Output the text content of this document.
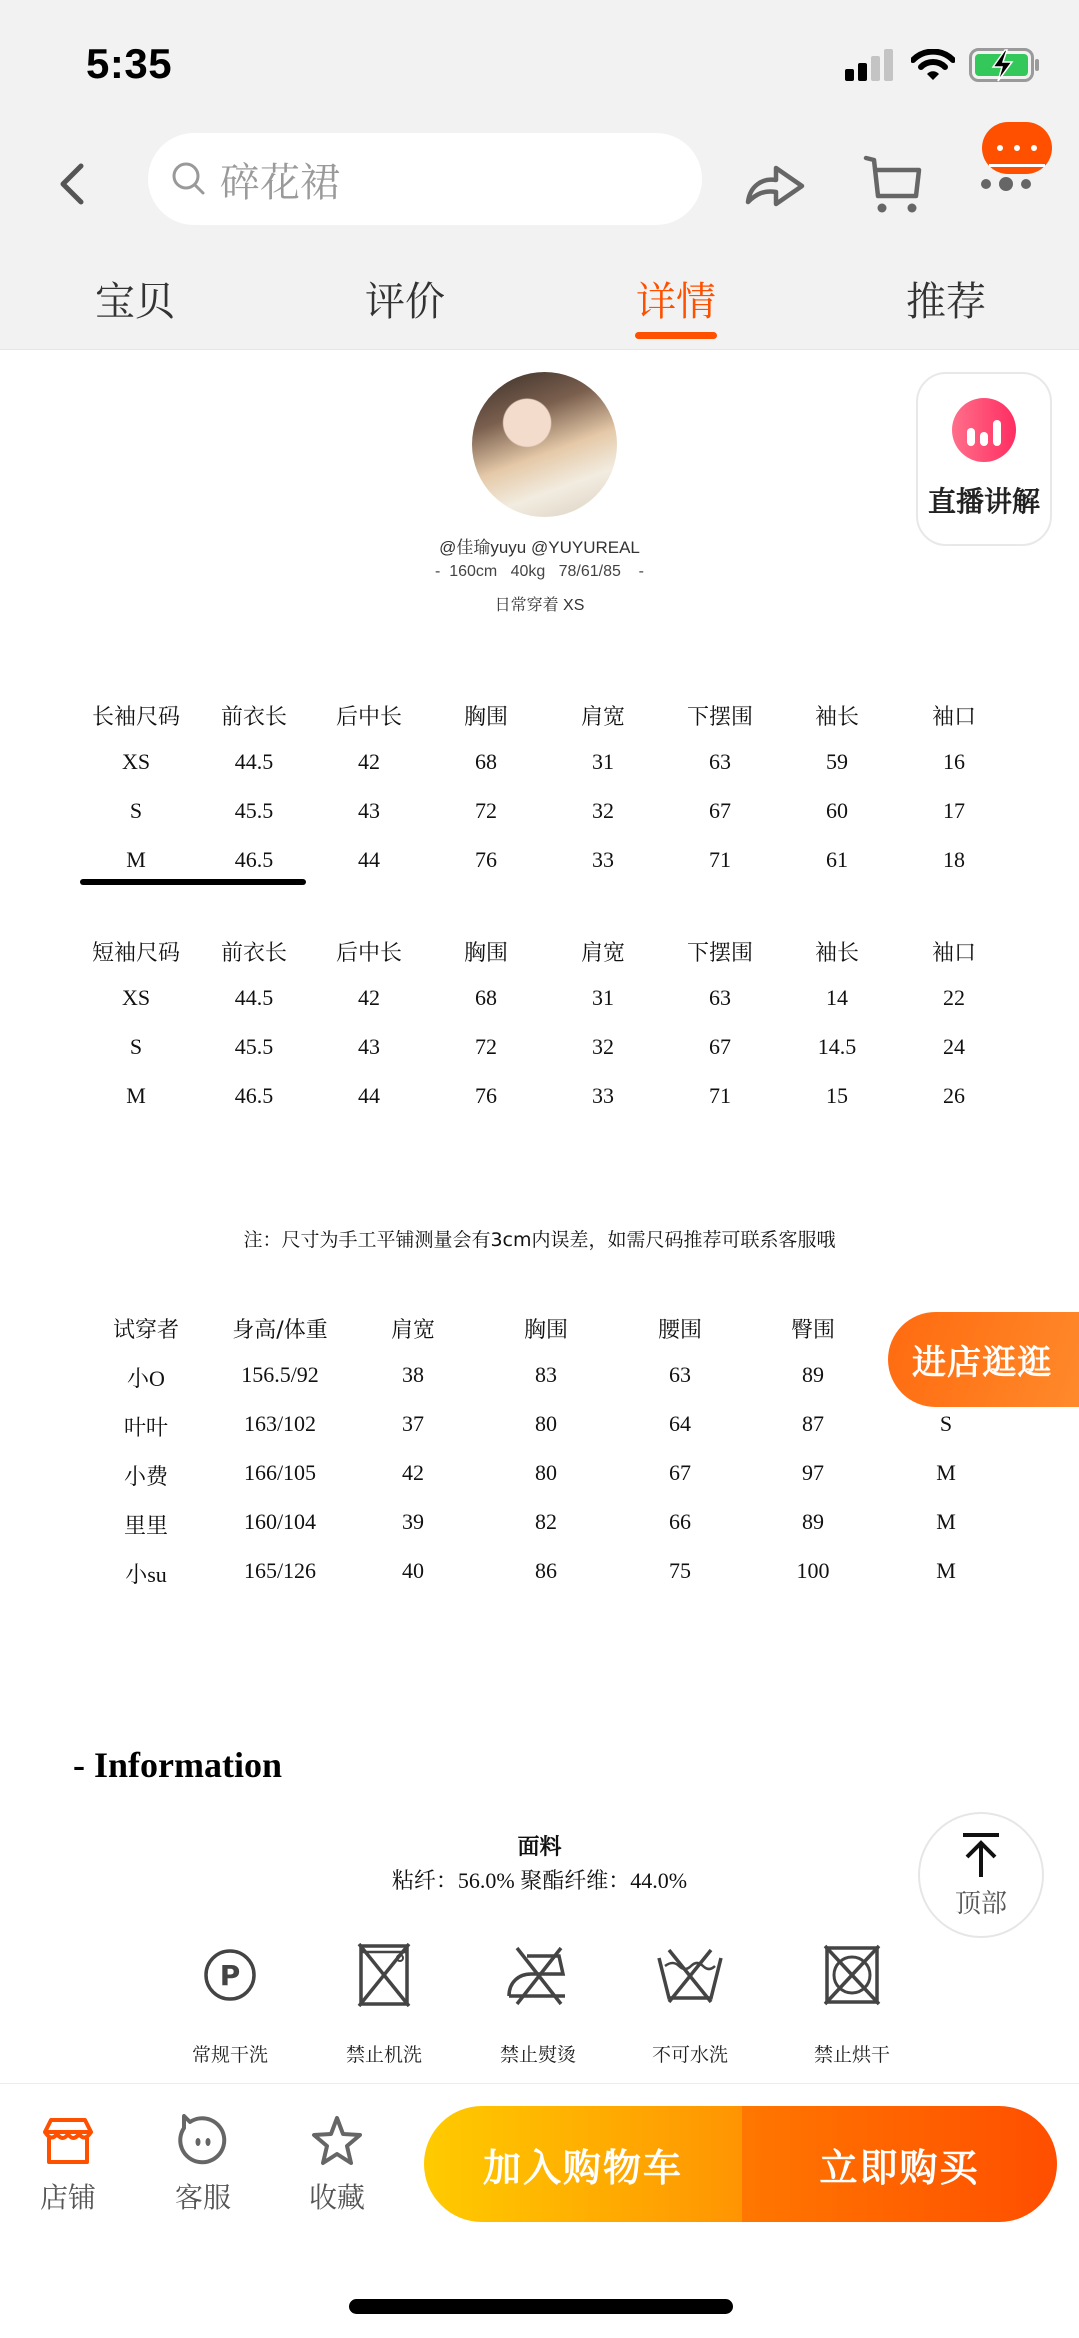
5:35
碎花裙
宝贝	评价	详情	推荐
@佳瑜yuyu @YUYUREAL
-  160cm   40kg   78/61/85    -
日常穿着 XS
直播讲解
长袖尺码	前衣长	后中长	胸围	肩宽	下摆围	袖长	袖口
XS	44.5	42	68	31	63	59	16
S	45.5	43	72	32	67	60	17
M	46.5	44	76	33	71	61	18
短袖尺码	前衣长	后中长	胸围	肩宽	下摆围	袖长	袖口
XS	44.5	42	68	31	63	14	22
S	45.5	43	72	32	67	14.5	24
M	46.5	44	76	33	71	15	26
注：尺寸为手工平铺测量会有3cm内误差，如需尺码推荐可联系客服哦
试穿者	身高/体重	肩宽	胸围	腰围	臀围
小O	156.5/92	38	83	63	89
叶叶	163/102	37	80	64	87	S
小费	166/105	42	80	67	97	M
里里	160/104	39	82	66	89	M
小su	165/126	40	86	75	100	M
- Information
面料
粘纤：56.0% 聚酯纤维：44.0%
P
常规干洗	禁止机洗	禁止熨烫	不可水洗	禁止烘干
进店逛逛
顶部
店铺	客服	收藏
加入购物车	立即购买
